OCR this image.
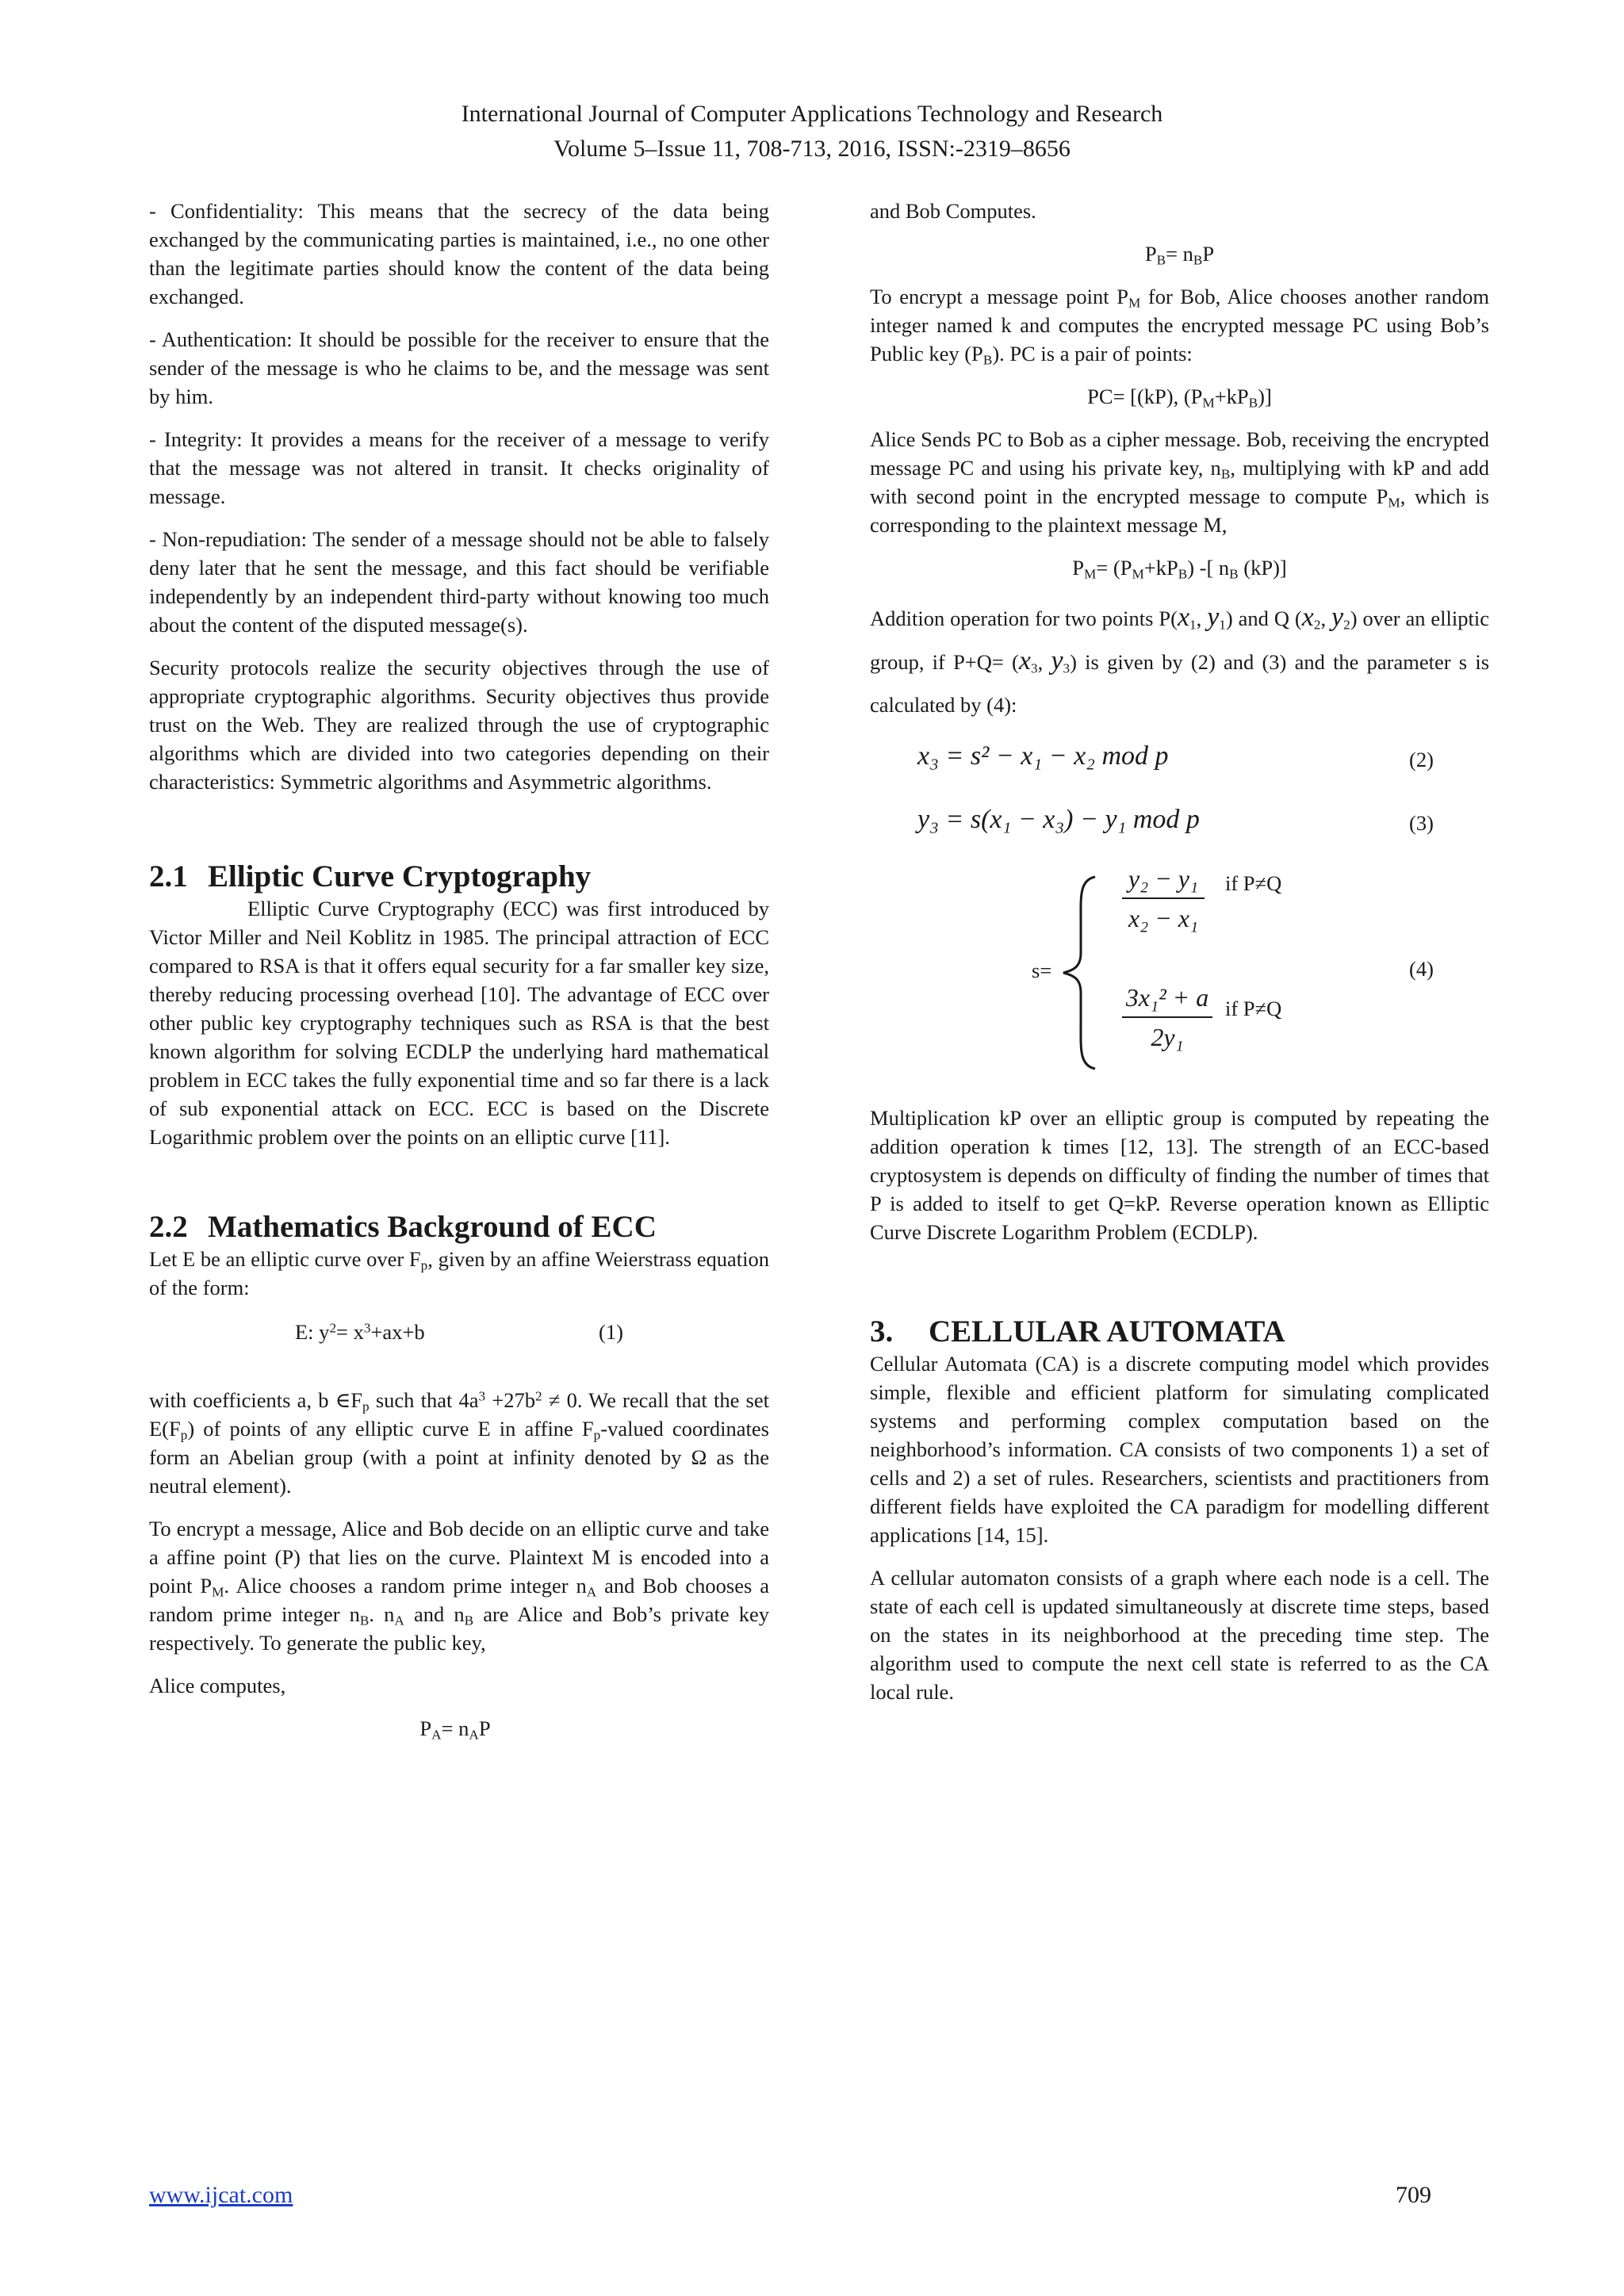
International Journal of Computer Applications Technology and Research
Volume 5–Issue 11, 708-713, 2016, ISSN:-2319–8656

- Confidentiality: This means that the secrecy of the data being exchanged by the communicating parties is maintained, i.e., no one other than the legitimate parties should know the content of the data being exchanged.

- Authentication: It should be possible for the receiver to ensure that the sender of the message is who he claims to be, and the message was sent by him.

- Integrity: It provides a means for the receiver of a message to verify that the message was not altered in transit. It checks originality of message.

- Non-repudiation: The sender of a message should not be able to falsely deny later that he sent the message, and this fact should be verifiable independently by an independent third-party without knowing too much about the content of the disputed message(s).

Security protocols realize the security objectives through the use of appropriate cryptographic algorithms. Security objectives thus provide trust on the Web. They are realized through the use of cryptographic algorithms which are divided into two categories depending on their characteristics: Symmetric algorithms and Asymmetric algorithms.

2.1 Elliptic Curve Cryptography

Elliptic Curve Cryptography (ECC) was first introduced by Victor Miller and Neil Koblitz in 1985. The principal attraction of ECC compared to RSA is that it offers equal security for a far smaller key size, thereby reducing processing overhead [10]. The advantage of ECC over other public key cryptography techniques such as RSA is that the best known algorithm for solving ECDLP the underlying hard mathematical problem in ECC takes the fully exponential time and so far there is a lack of sub exponential attack on ECC. ECC is based on the Discrete Logarithmic problem over the points on an elliptic curve [11].

2.2 Mathematics Background of ECC

Let E be an elliptic curve over $F_p$, given by an affine Weierstrass equation of the form:

E: $y^2= x^3+ax+b$	(1)

with coefficients a, b $\in F_p$ such that $4a^3 +27b^2 \ne 0$. We recall that the set $E(F_p)$ of points of any elliptic curve E in affine $F_p$-valued coordinates form an Abelian group (with a point at infinity denoted by Ω as the neutral element).

To encrypt a message, Alice and Bob decide on an elliptic curve and take a affine point (P) that lies on the curve. Plaintext M is encoded into a point $P_M$. Alice chooses a random prime integer $n_A$ and Bob chooses a random prime integer $n_B$. $n_A$ and $n_B$ are Alice and Bob’s private key respectively. To generate the public key,

Alice computes,

$P_A= n_AP$

and Bob Computes.

$P_B= n_BP$

To encrypt a message point $P_M$ for Bob, Alice chooses another random integer named k and computes the encrypted message PC using Bob’s Public key $(P_B)$. PC is a pair of points:

PC= [(kP), $(P_M+kP_B)$]

Alice Sends PC to Bob as a cipher message. Bob, receiving the encrypted message PC and using his private key, $n_B$, multiplying with kP and add with second point in the encrypted message to compute $P_M$, which is corresponding to the plaintext message M,

$P_M= (P_M+kP_B)$ -[ $n_B$ (kP)]

Addition operation for two points $P(x_1$, $y_1$) and Q ($x_2$, $y_2$) over an elliptic group, if $P+Q= (x_3$, $y_3$) is given by (2) and (3) and the parameter s is calculated by (4):

x₃ = s² − x₁ − x₂ mod p	(2)
y₃ = s(x₁ − x₃) − y₁ mod p	(3)
s=
y₂ − y₁
x₂ − x₁
if P≠Q
(4)
3x₁² + a
2y₁
if P≠Q

Multiplication kP over an elliptic group is computed by repeating the addition operation k times [12, 13]. The strength of an ECC-based cryptosystem is depends on difficulty of finding the number of times that P is added to itself to get Q=kP. Reverse operation known as Elliptic Curve Discrete Logarithm Problem (ECDLP).

3. CELLULAR AUTOMATA

Cellular Automata (CA) is a discrete computing model which provides simple, flexible and efficient platform for simulating complicated systems and performing complex computation based on the neighborhood’s information. CA consists of two components 1) a set of cells and 2) a set of rules. Researchers, scientists and practitioners from different fields have exploited the CA paradigm for modelling different applications [14, 15].

A cellular automaton consists of a graph where each node is a cell. The state of each cell is updated simultaneously at discrete time steps, based on the states in its neighborhood at the preceding time step. The algorithm used to compute the next cell state is referred to as the CA local rule.

www.ijcat.com	709
